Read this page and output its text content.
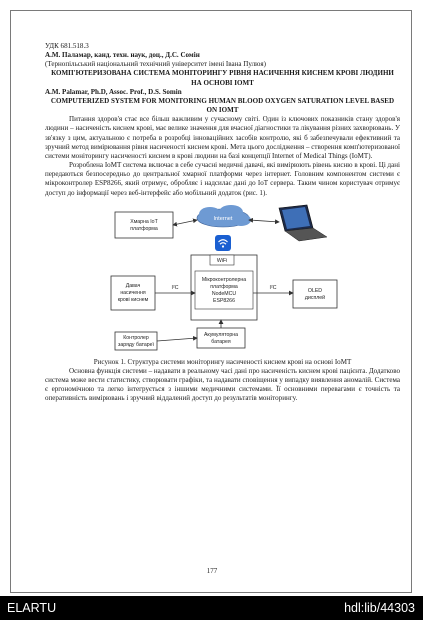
УДК 681.518.3

А.М. Паламар, канд. техн. наук, доц., Д.С. Сомін

(Тернопільський національний технічний університет імені Івана Пулюя)

КОМП'ЮТЕРИЗОВАНА СИСТЕМА МОНІТОРИНГУ РІВНЯ НАСИЧЕННЯ КИСНЕМ КРОВІ ЛЮДИНИ НА ОСНОВІ IOMT

A.M. Palamar, Ph.D, Assoc. Prof., D.S. Somin

COMPUTERIZED SYSTEM FOR MONITORING HUMAN BLOOD OXYGEN SATURATION LEVEL BASED ON IOMT

Питання здоров'я стає все більш важливим у сучасному світі. Один із ключових показників стану здоров'я людини – насиченість киснем крові, має велике значення для вчасної діагностики та лікування різних захворювань. У зв'язку з цим, актуальною є потреба в розробці інноваційних засобів контролю, які б забезпечували ефективний та зручний метод вимірювання рівня насиченості киснем крові. Мета цього дослідження – створення комп'ютеризованої системи моніторингу насиченості киснем в крові людини на базі концепції Internet of Medical Things (IoMT).

Розроблена IoMT система включає в себе сучасні медичні давачі, які вимірюють рівень кисню в крові. Ці дані передаються безпосередньо до центральної хмарної платформи через інтернет. Головним компонентом системи є мікроконтролер ESP8266, який отримує, обробляє і надсилає дані до IoT сервера. Таким чином користувач отримує доступ до інформації через веб-інтерфейс або мобільний додаток (рис. 1).

Хмарна IoT
платформа
Internet
WiFi
Мікроконтролерна
платформа
NodeMCU
ESP8266
Давач
насичення
крові киснем
I²C	OLED
дисплей
I²C
Акумуляторна
батарея
Контролер
заряду батареї

Рисунок 1. Структура системи моніторингу насиченості киснем крові на основі IoMT

Основна функція системи – надавати в реальному часі дані про насиченість киснем крові пацієнта. Додатково система може вести статистику, створювати графіки, та надавати сповіщення у випадку виявлення аномалій. Система є ергономічною та легко інтегрується з іншими медичними системами. Її основними перевагами є точність та оперативність вимірювань і зручний віддалений доступ до результатів моніторингу.

177
ELARTU	hdl:lib/44303
